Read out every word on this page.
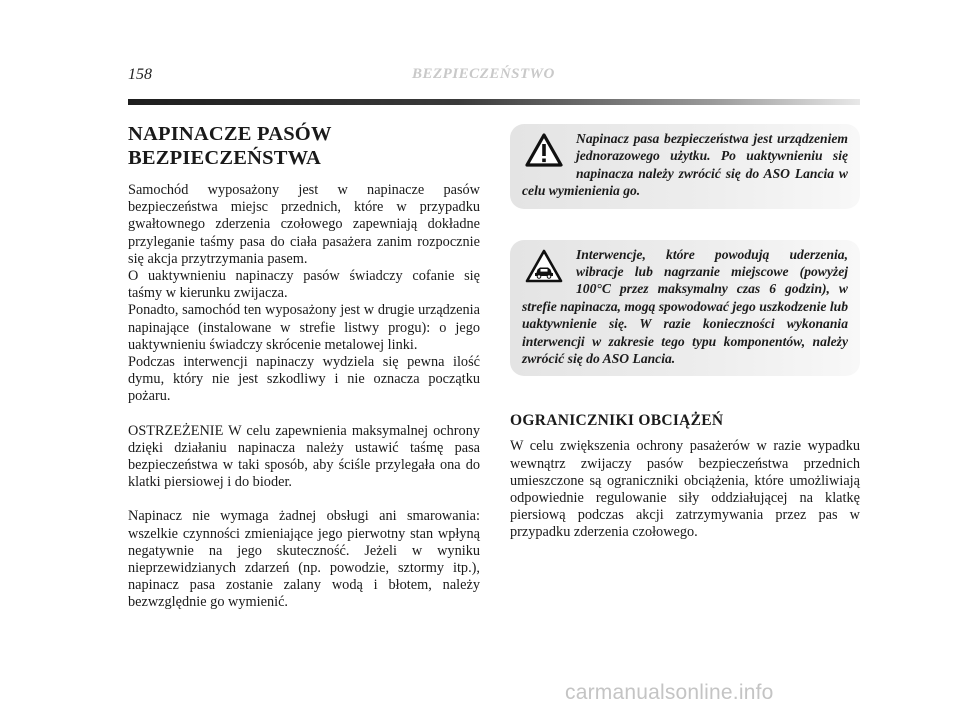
158	BEZPIECZEŃSTWO
NAPINACZE PASÓW
BEZPIECZEŃSTWA

Samochód wyposażony jest w napinacze pasów bezpieczeństwa miejsc przednich, które w przypadku gwałtownego zderzenia czołowego zapewniają dokładne przyleganie taśmy pasa do ciała pasażera zanim rozpocznie się akcja przytrzymania pasem.

O uaktywnieniu napinaczy pasów świadczy cofanie się taśmy w kierunku zwijacza.

Ponadto, samochód ten wyposażony jest w drugie urządzenia napinające (instalowane w strefie listwy progu): o jego uaktywnieniu świadczy skrócenie metalowej linki.

Podczas interwencji napinaczy wydziela się pewna ilość dymu, który nie jest szkodliwy i nie oznacza początku pożaru.

OSTRZEŻENIE W celu zapewnienia maksymalnej ochrony dzięki działaniu napinacza należy ustawić taśmę pasa bezpieczeństwa w taki sposób, aby ściśle przylegała ona do klatki piersiowej i do bioder.

Napinacz nie wymaga żadnej obsługi ani smarowania: wszelkie czynności zmieniające jego pierwotny stan wpłyną negatywnie na jego skuteczność. Jeżeli w wyniku nieprzewidzianych zdarzeń (np. powodzie, sztormy itp.), napinacz pasa zostanie zalany wodą i błotem, należy bezwzględnie go wymienić.

Napinacz pasa bezpieczeństwa jest urządzeniem jednorazowego użytku. Po uaktywnieniu się napinacza należy zwrócić się do ASO Lancia w celu wymienienia go.

Interwencje, które powodują uderzenia, wibracje lub nagrzanie miejscowe (powyżej 100°C przez maksymalny czas 6 godzin), w strefie napinacza, mogą spowodować jego uszkodzenie lub uaktywnienie się. W razie konieczności wykonania interwencji w zakresie tego typu komponentów, należy zwrócić się do ASO Lancia.

OGRANICZNIKI OBCIĄŻEŃ

W celu zwiększenia ochrony pasażerów w razie wypadku wewnątrz zwijaczy pasów bezpieczeństwa przednich umieszczone są ograniczniki obciążenia, które umożliwiają odpowiednie regulowanie siły oddziałującej na klatkę piersiową podczas akcji zatrzymywania przez pas w przypadku zderzenia czołowego.

carmanualsonline.info
